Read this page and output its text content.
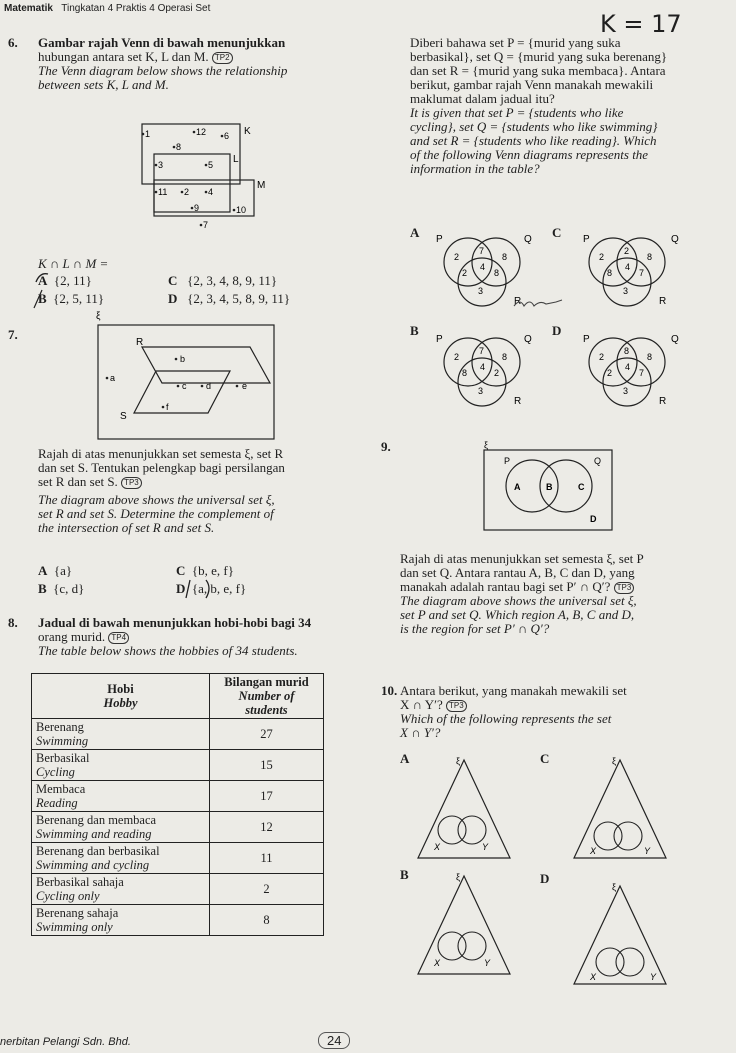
Matematik Tingkatan 4 Praktis 4 Operasi Set
K = 17
6. Gambar rajah Venn di bawah menunjukkan
hubungan antara set K, L dan M. TP2
The Venn diagram below shows the relationship
between sets K, L and M.
K
L
M
1	12 6
8
3	5
11 2 4
9	10
7
K ∩ L ∩ M =
A {2, 11}
B {2, 5, 11}
C {2, 3, 4, 8, 9, 11}
D {2, 3, 4, 5, 8, 9, 11}
7.
ξ
R
S
b
a
c d	e
f
Rajah di atas menunjukkan set semesta ξ, set R
dan set S. Tentukan pelengkap bagi persilangan
set R dan set S. TP3
The diagram above shows the universal set ξ,
set R and set S. Determine the complement of
the intersection of set R and set S.
A {a}
B {c, d}
C {b, e, f}
D {a, b, e, f}
8. Jadual di bawah menunjukkan hobi-hobi bagi 34
orang murid. TP4
The table below shows the hobbies of 34 students.
Hobi
Hobby	Bilangan murid
Number of
students
Berenang
Swimming	27
Berbasikal
Cycling	15
Membaca
Reading	17
Berenang dan membaca
Swimming and reading	12
Berenang dan berbasikal
Swimming and cycling	11
Berbasikal sahaja
Cycling only	2
Berenang sahaja
Swimming only	8
Diberi bahawa set P = {murid yang suka
berbasikal}, set Q = {murid yang suka berenang}
dan set R = {murid yang suka membaca}. Antara
berikut, gambar rajah Venn manakah mewakili
maklumat dalam jadual itu?
It is given that set P = {students who like
cycling}, set Q = {students who like swimming}
and set R = {students who like reading}. Which
of the following Venn diagrams represents the
information in the table?
A	C
B	D
P	Q
R
2
7
8
2
4
8
3
P	Q
R
2
2
8
8
4
7
3
P	Q
R
2
7
8
8
4
2
3
P	Q
R
2
8
8
2
4
7
3
9.	ξ
P	Q
A	B	C
D
Rajah di atas menunjukkan set semesta ξ, set P
dan set Q. Antara rantau A, B, C dan D, yang
manakah adalah rantau bagi set P′ ∩ Q′? TP3
The diagram above shows the universal set ξ,
set P and set Q. Which region A, B, C and D,
is the region for set P′ ∩ Q′?
10. Antara berikut, yang manakah mewakili set
X ∩ Y′? TP3
Which of the following represents the set
X ∩ Y′?
A	C
B	D
ξ
X	Y
ξ
X	Y
ξ
X	Y
ξ
X	Y
nerbitan Pelangi Sdn. Bhd.	24
